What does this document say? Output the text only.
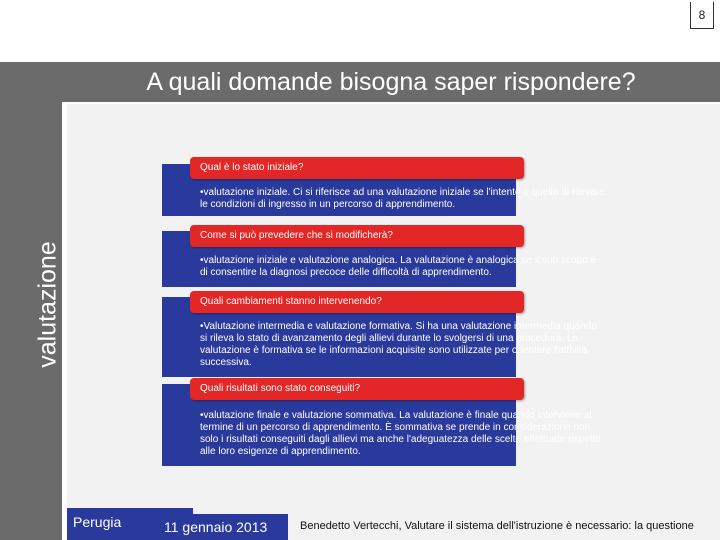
8
A quali domande bisogna saper rispondere?
valutazione
Qual è lo stato iniziale?
•valutazione iniziale. Ci si riferisce ad una valutazione iniziale se l'intento è quello di rilevare le condizioni di ingresso in un percorso di apprendimento.
Come si può prevedere che si modificherà?
•valutazione iniziale e valutazione analogica. La valutazione è analogica se il suo scopo è di consentire la diagnosi precoce delle difficoltà di apprendimento.
Quali cambiamenti stanno intervenendo?
•Valutazione intermedia e valutazione formativa. Si ha una valutazione intermedia quando si rileva lo stato di avanzamento degli allievi durante lo svolgersi di una procedura. La valutazione è formativa se le informazioni acquisite sono utilizzate per orientare l'attività successiva.
Quali risultati sono stato conseguiti?
•valutazione finale e valutazione sommativa. La valutazione è finale quando interviene al termine di un percorso di apprendimento. È sommativa se prende in considerazione non solo i risultati conseguiti dagli allievi ma anche l'adeguatezza delle scelte effettuate rispetto alle loro esigenze di apprendimento.
Perugia	11 gennaio 2013	Benedetto Vertecchi, Valutare il sistema dell'istruzione è necessario: la questione
